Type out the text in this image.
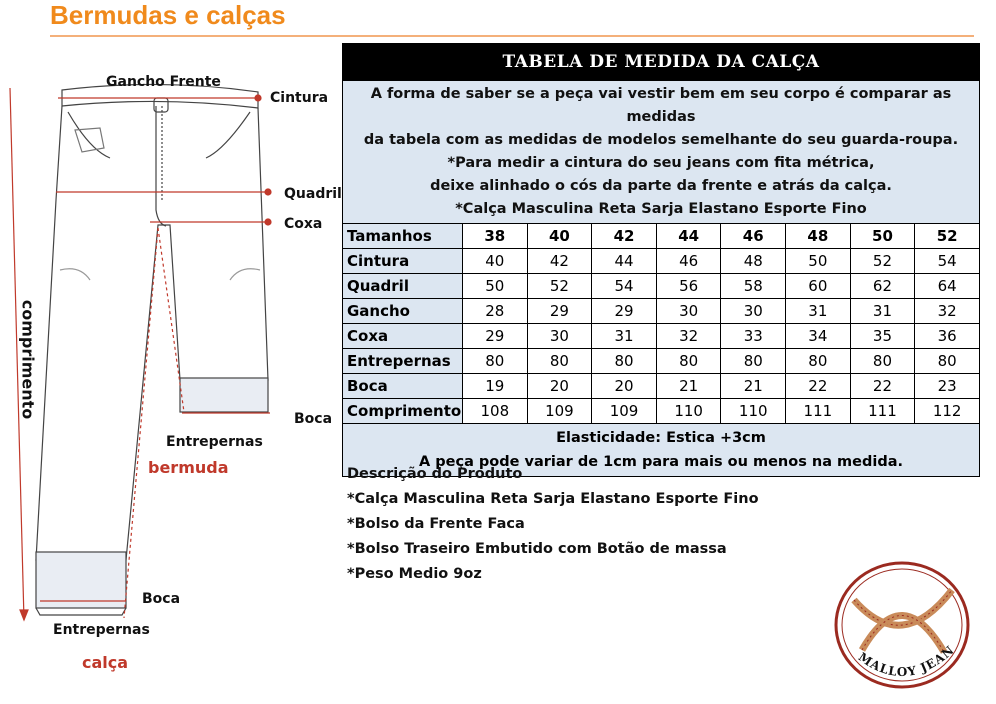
Bermudas e calças
Gancho Frente
Cintura
Quadril
Coxa
comprimento	Boca
Entrepernas
bermuda
Boca
Entrepernas
calça
TABELA DE MEDIDA DA CALÇA								

A forma de saber se a peça vai vestir bem em seu corpo é comparar as medidas
da tabela com as medidas de modelos semelhante do seu guarda-roupa.
*Para medir a cintura do seu jeans com fita métrica,
deixe alinhado o cós da parte da frente e atrás da calça.
*Calça Masculina Reta Sarja Elastano Esporte Fino								

Tamanhos	38	40	42	44	46	48	50	52
Cintura	40	42	44	46	48	50	52	54
Quadril	50	52	54	56	58	60	62	64
Gancho	28	29	29	30	30	31	31	32
Coxa	29	30	31	32	33	34	35	36
Entrepernas	80	80	80	80	80	80	80	80
Boca	19	20	20	21	21	22	22	23
Comprimento	108	109	109	110	110	111	111	112

Elasticidade: Estica +3cm
A peça pode variar de 1cm para mais ou menos na medida.								
Descrição do Produto
*Calça Masculina Reta Sarja Elastano Esporte Fino
*Bolso da Frente Faca
*Bolso Traseiro Embutido com Botão de massa
*Peso Medio 9oz
MALLOY JEAN
